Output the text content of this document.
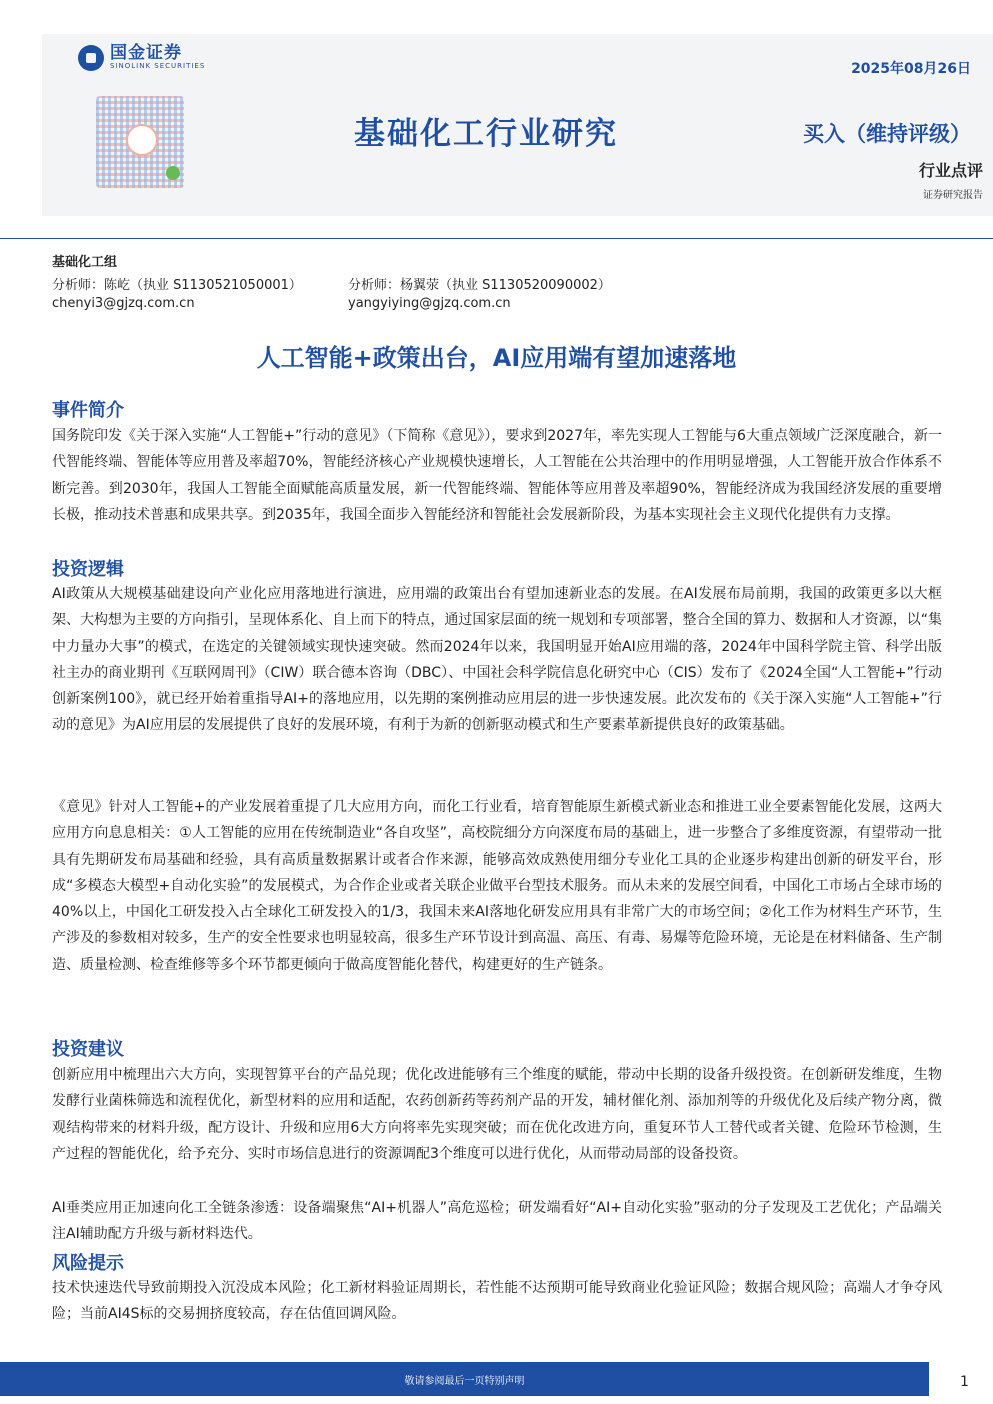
国金证券
SINOLINK SECURITIES
基础化工行业研究
2025年08月26日
买入（维持评级）
行业点评
证券研究报告
基础化工组
分析师：陈屹（执业 S1130521050001）
chenyi3@gjzq.com.cn
分析师：杨翼荥（执业 S1130520090002）
yangyiying@gjzq.com.cn
人工智能+政策出台，AI应用端有望加速落地
事件简介

国务院印发《关于深入实施“人工智能+”行动的意见》（下简称《意见》），要求到2027年，率先实现人工智能与6大重点领域广泛深度融合，新一代智能终端、智能体等应用普及率超70%，智能经济核心产业规模快速增长，人工智能在公共治理中的作用明显增强，人工智能开放合作体系不断完善。到2030年，我国人工智能全面赋能高质量发展，新一代智能终端、智能体等应用普及率超90%，智能经济成为我国经济发展的重要增长极，推动技术普惠和成果共享。到2035年，我国全面步入智能经济和智能社会发展新阶段，为基本实现社会主义现代化提供有力支撑。

投资逻辑

AI政策从大规模基础建设向产业化应用落地进行演进，应用端的政策出台有望加速新业态的发展。在AI发展布局前期，我国的政策更多以大框架、大构想为主要的方向指引，呈现体系化、自上而下的特点，通过国家层面的统一规划和专项部署，整合全国的算力、数据和人才资源，以“集中力量办大事”的模式，在选定的关键领域实现快速突破。然而2024年以来，我国明显开始AI应用端的落，2024年中国科学院主管、科学出版社主办的商业期刊《互联网周刊》（CIW）联合德本咨询（DBC）、中国社会科学院信息化研究中心（CIS）发布了《2024全国“人工智能+”行动创新案例100》，就已经开始着重指导AI+的落地应用，以先期的案例推动应用层的进一步快速发展。此次发布的《关于深入实施“人工智能+”行动的意见》为AI应用层的发展提供了良好的发展环境，有利于为新的创新驱动模式和生产要素革新提供良好的政策基础。

《意见》针对人工智能+的产业发展着重提了几大应用方向，而化工行业看，培育智能原生新模式新业态和推进工业全要素智能化发展，这两大应用方向息息相关：①人工智能的应用在传统制造业“各自攻坚”，高校院细分方向深度布局的基础上，进一步整合了多维度资源，有望带动一批具有先期研发布局基础和经验，具有高质量数据累计或者合作来源，能够高效成熟使用细分专业化工具的企业逐步构建出创新的研发平台，形成“多模态大模型+自动化实验”的发展模式，为合作企业或者关联企业做平台型技术服务。而从未来的发展空间看，中国化工市场占全球市场的40%以上，中国化工研发投入占全球化工研发投入的1/3，我国未来AI落地化研发应用具有非常广大的市场空间；②化工作为材料生产环节，生产涉及的参数相对较多，生产的安全性要求也明显较高，很多生产环节设计到高温、高压、有毒、易爆等危险环境，无论是在材料储备、生产制造、质量检测、检查维修等多个环节都更倾向于做高度智能化替代，构建更好的生产链条。

投资建议

创新应用中梳理出六大方向，实现智算平台的产品兑现；优化改进能够有三个维度的赋能，带动中长期的设备升级投资。在创新研发维度，生物发酵行业菌株筛选和流程优化，新型材料的应用和适配，农药创新药等药剂产品的开发，辅材催化剂、添加剂等的升级优化及后续产物分离，微观结构带来的材料升级，配方设计、升级和应用6大方向将率先实现突破；而在优化改进方向，重复环节人工替代或者关键、危险环节检测，生产过程的智能优化，给予充分、实时市场信息进行的资源调配3个维度可以进行优化，从而带动局部的设备投资。

AI垂类应用正加速向化工全链条渗透：设备端聚焦“AI+机器人”高危巡检；研发端看好“AI+自动化实验”驱动的分子发现及工艺优化；产品端关注AI辅助配方升级与新材料迭代。

风险提示

技术快速迭代导致前期投入沉没成本风险；化工新材料验证周期长，若性能不达预期可能导致商业化验证风险；数据合规风险；高端人才争夺风险；当前AI4S标的交易拥挤度较高，存在估值回调风险。

敬请参阅最后一页特别声明	1
